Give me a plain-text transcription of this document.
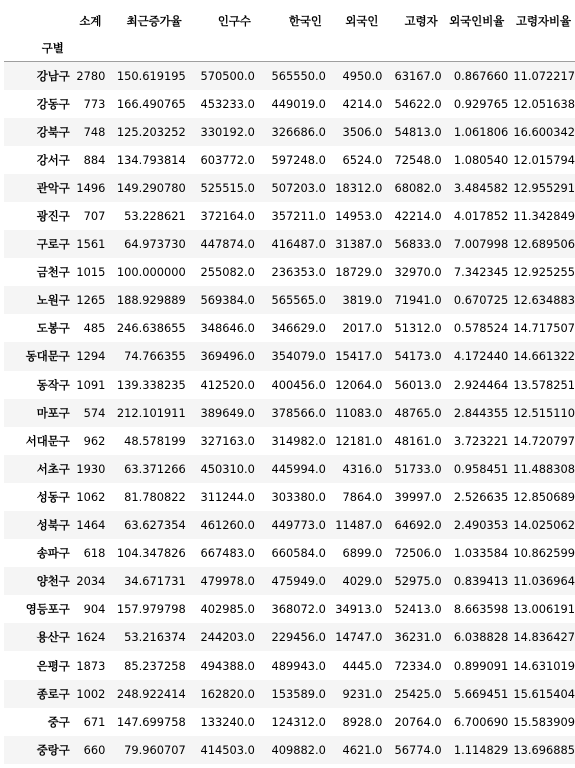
	소계	최근증가율	인구수	한국인	외국인	고령자	외국인비율	고령자비율
구별								
강남구	2780	150.619195	570500.0	565550.0	4950.0	63167.0	0.867660	11.072217
강동구	773	166.490765	453233.0	449019.0	4214.0	54622.0	0.929765	12.051638
강북구	748	125.203252	330192.0	326686.0	3506.0	54813.0	1.061806	16.600342
강서구	884	134.793814	603772.0	597248.0	6524.0	72548.0	1.080540	12.015794
관악구	1496	149.290780	525515.0	507203.0	18312.0	68082.0	3.484582	12.955291
광진구	707	53.228621	372164.0	357211.0	14953.0	42214.0	4.017852	11.342849
구로구	1561	64.973730	447874.0	416487.0	31387.0	56833.0	7.007998	12.689506
금천구	1015	100.000000	255082.0	236353.0	18729.0	32970.0	7.342345	12.925255
노원구	1265	188.929889	569384.0	565565.0	3819.0	71941.0	0.670725	12.634883
도봉구	485	246.638655	348646.0	346629.0	2017.0	51312.0	0.578524	14.717507
동대문구	1294	74.766355	369496.0	354079.0	15417.0	54173.0	4.172440	14.661322
동작구	1091	139.338235	412520.0	400456.0	12064.0	56013.0	2.924464	13.578251
마포구	574	212.101911	389649.0	378566.0	11083.0	48765.0	2.844355	12.515110
서대문구	962	48.578199	327163.0	314982.0	12181.0	48161.0	3.723221	14.720797
서초구	1930	63.371266	450310.0	445994.0	4316.0	51733.0	0.958451	11.488308
성동구	1062	81.780822	311244.0	303380.0	7864.0	39997.0	2.526635	12.850689
성북구	1464	63.627354	461260.0	449773.0	11487.0	64692.0	2.490353	14.025062
송파구	618	104.347826	667483.0	660584.0	6899.0	72506.0	1.033584	10.862599
양천구	2034	34.671731	479978.0	475949.0	4029.0	52975.0	0.839413	11.036964
영등포구	904	157.979798	402985.0	368072.0	34913.0	52413.0	8.663598	13.006191
용산구	1624	53.216374	244203.0	229456.0	14747.0	36231.0	6.038828	14.836427
은평구	1873	85.237258	494388.0	489943.0	4445.0	72334.0	0.899091	14.631019
종로구	1002	248.922414	162820.0	153589.0	9231.0	25425.0	5.669451	15.615404
중구	671	147.699758	133240.0	124312.0	8928.0	20764.0	6.700690	15.583909
중랑구	660	79.960707	414503.0	409882.0	4621.0	56774.0	1.114829	13.696885
